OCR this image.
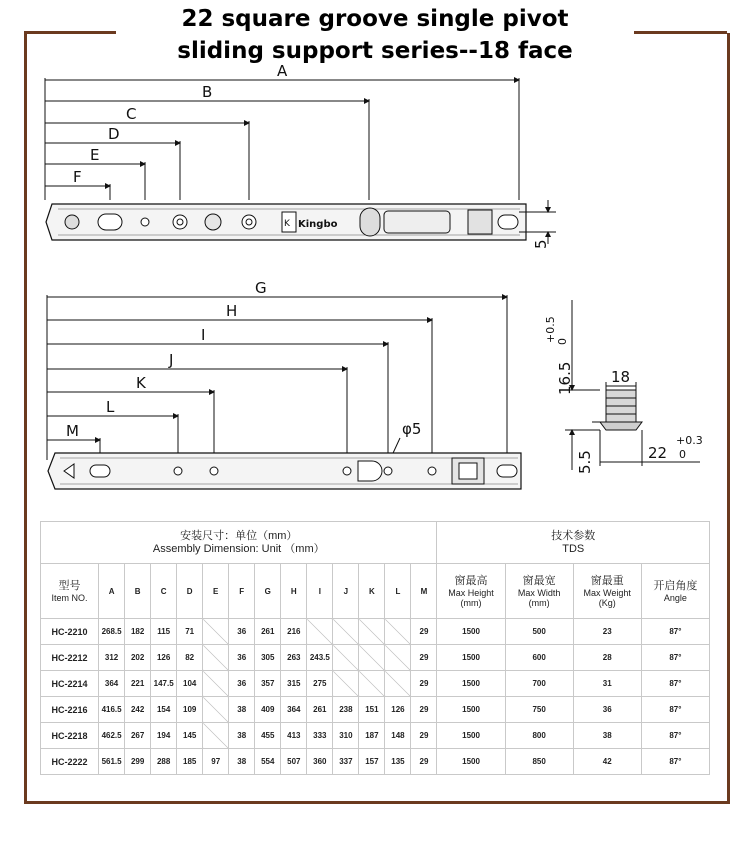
22 square groove single pivot
sliding support series--18 face
A
B
C
D
E
F
K Kingbo
5
G
H
I
J
K
L
M	φ5
16.5
+0.5 0
18
5.5	22
+0.3
0
安装尺寸：单位（mm）
Assembly Dimension: Unit （mm）														技术参数
TDS			

型号
Item NO.	A	B	C	D	E	F	G	H	I	J	K	L	M	窗最高
Max Height
(mm)	窗最宽
Max Width
(mm)	窗最重
Max Weight
(Kg)	开启角度
Angle

HC-2210	268.5	182	115	71		36	261	216					29	1500	500	23	87°
HC-2212	312	202	126	82		36	305	263	243.5				29	1500	600	28	87°
HC-2214	364	221	147.5	104		36	357	315	275				29	1500	700	31	87°
HC-2216	416.5	242	154	109		38	409	364	261	238	151	126	29	1500	750	36	87°
HC-2218	462.5	267	194	145		38	455	413	333	310	187	148	29	1500	800	38	87°
HC-2222	561.5	299	288	185	97	38	554	507	360	337	157	135	29	1500	850	42	87°
